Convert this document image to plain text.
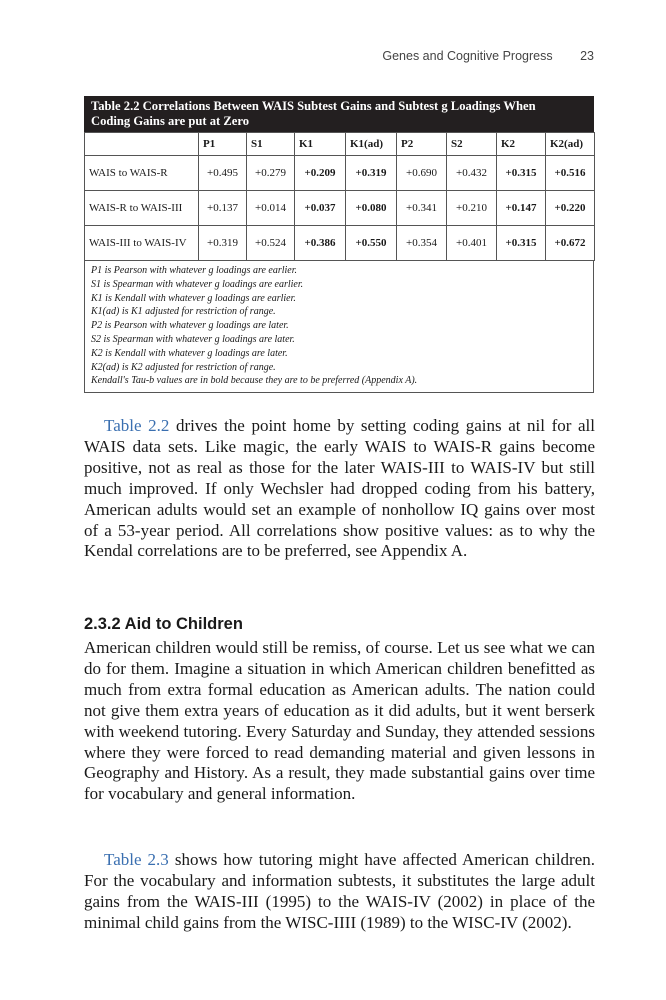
Genes and Cognitive Progress 23
Table 2.2 Correlations Between WAIS Subtest Gains and Subtest g Loadings When
Coding Gains are put at Zero
	P1	S1	K1	K1(ad)	P2	S2	K2	K2(ad)
WAIS to WAIS-R	+0.495	+0.279	+0.209	+0.319	+0.690	+0.432	+0.315	+0.516
WAIS-R to WAIS-III	+0.137	+0.014	+0.037	+0.080	+0.341	+0.210	+0.147	+0.220
WAIS-III to WAIS-IV	+0.319	+0.524	+0.386	+0.550	+0.354	+0.401	+0.315	+0.672
P1 is Pearson with whatever g loadings are earlier.
S1 is Spearman with whatever g loadings are earlier.
K1 is Kendall with whatever g loadings are earlier.
K1(ad) is K1 adjusted for restriction of range.
P2 is Pearson with whatever g loadings are later.
S2 is Spearman with whatever g loadings are later.
K2 is Kendall with whatever g loadings are later.
K2(ad) is K2 adjusted for restriction of range.
Kendall's Tau-b values are in bold because they are to be preferred (Appendix A).

Table 2.2 drives the point home by setting coding gains at nil for all WAIS data sets. Like magic, the early WAIS to WAIS-R gains become positive, not as real as those for the later WAIS-III to WAIS-IV but still much improved. If only Wechsler had dropped coding from his battery, American adults would set an example of nonhollow IQ gains over most of a 53-year period. All correlations show positive values: as to why the Kendal correlations are to be preferred, see Appendix A.

2.3.2 Aid to Children

American children would still be remiss, of course. Let us see what we can do for them. Imagine a situation in which American children benefitted as much from extra formal education as American adults. The nation could not give them extra years of education as it did adults, but it went berserk with weekend tutoring. Every Saturday and Sunday, they attended sessions where they were forced to read demanding material and given lessons in Geography and History. As a result, they made substantial gains over time for vocabulary and general information.

Table 2.3 shows how tutoring might have affected American children. For the vocabulary and information subtests, it substitutes the large adult gains from the WAIS-III (1995) to the WAIS-IV (2002) in place of the minimal child gains from the WISC-IIII (1989) to the WISC-IV (2002).
